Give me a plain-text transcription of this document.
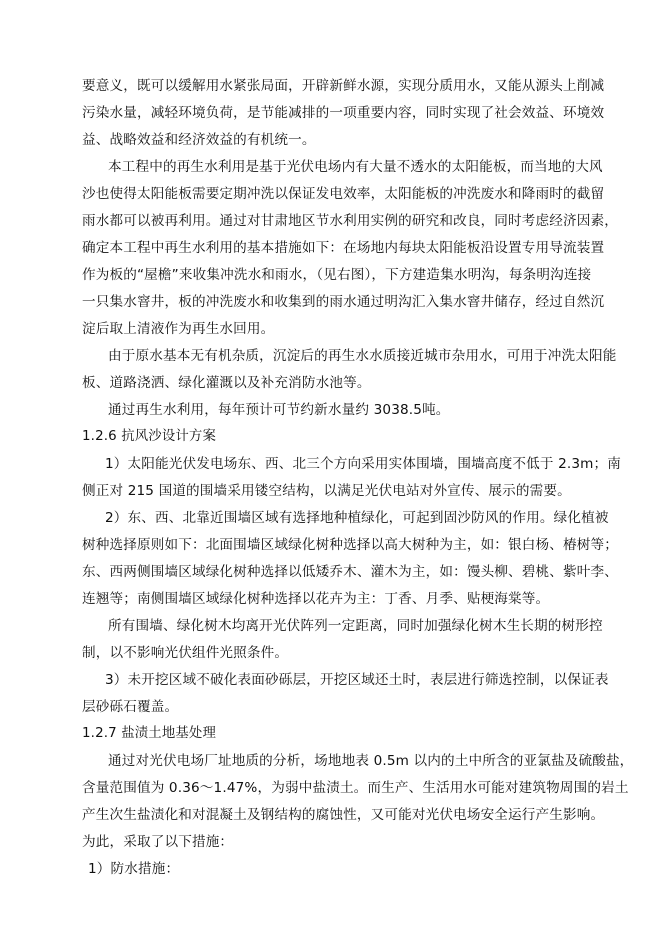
要意义，既可以缓解用水紧张局面，开辟新鲜水源，实现分质用水，又能从源头上削减
污染水量，减轻环境负荷，是节能减排的一项重要内容，同时实现了社会效益、环境效
益、战略效益和经济效益的有机统一。
本工程中的再生水利用是基于光伏电场内有大量不透水的太阳能板，而当地的大风
沙也使得太阳能板需要定期冲洗以保证发电效率，太阳能板的冲洗废水和降雨时的截留
雨水都可以被再利用。通过对甘肃地区节水利用实例的研究和改良，同时考虑经济因素，
确定本工程中再生水利用的基本措施如下：在场地内每块太阳能板沿设置专用导流装置
作为板的“屋檐”来收集冲洗水和雨水，（见右图），下方建造集水明沟，每条明沟连接
一只集水窨井，板的冲洗废水和收集到的雨水通过明沟汇入集水窨井储存，经过自然沉
淀后取上清液作为再生水回用。
由于原水基本无有机杂质，沉淀后的再生水水质接近城市杂用水，可用于冲洗太阳能
板、道路浇洒、绿化灌溉以及补充消防水池等。
通过再生水利用，每年预计可节约新水量约 3038.5吨。
1.2.6 抗风沙设计方案
1）太阳能光伏发电场东、西、北三个方向采用实体围墙，围墙高度不低于 2.3m；南
侧正对 215 国道的围墙采用镂空结构，以满足光伏电站对外宣传、展示的需要。
2）东、西、北靠近围墙区域有选择地种植绿化，可起到固沙防风的作用。绿化植被
树种选择原则如下：北面围墙区域绿化树种选择以高大树种为主，如：银白杨、椿树等；
东、西两侧围墙区域绿化树种选择以低矮乔木、灌木为主，如：馒头柳、碧桃、紫叶李、
连翘等；南侧围墙区域绿化树种选择以花卉为主：丁香、月季、贴梗海棠等。
所有围墙、绿化树木均离开光伏阵列一定距离，同时加强绿化树木生长期的树形控
制，以不影响光伏组件光照条件。
3）未开挖区域不破化表面砂砾层，开挖区域还土时，表层进行筛选控制，以保证表
层砂砾石覆盖。
1.2.7 盐渍土地基处理
通过对光伏电场厂址地质的分析，场地地表 0.5m 以内的土中所含的亚氯盐及硫酸盐，
含量范围值为 0.36～1.47%，为弱中盐渍土。而生产、生活用水可能对建筑物周围的岩土
产生次生盐渍化和对混凝土及钢结构的腐蚀性，又可能对光伏电场安全运行产生影响。
为此，采取了以下措施：
1）防水措施：
